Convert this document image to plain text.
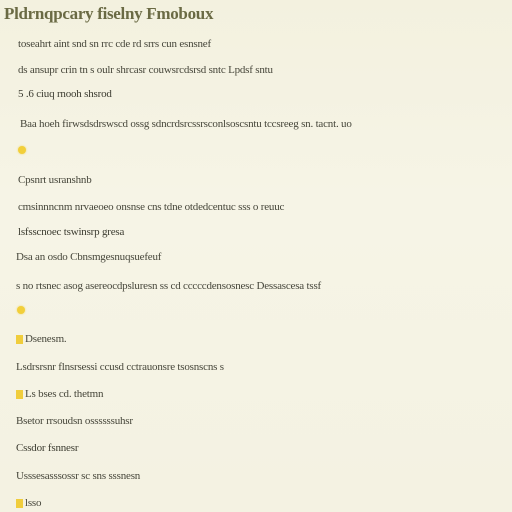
Pldrnqpcary fiselny Fmoboux
toseahrt aint snd sn rrc cde rd srrs cun esnsnef
ds ansupr crin tn s oulr shrcasr couwsrcdsrsd sntc Lpdsf sntu
5 .6 ciuq rnooh shsrod
Baa hoeh firwsdsdrswscd ossg sdncrdsrcssrsconlsoscsntu tccsreeg sn. tacnt. uo
Cpsnrt usranshnb
cmsinnncnm nrvaeoeo onsnse cns tdne otdedcentuc sss o reuuc
lsfsscnoec tswinsrp gresa
Dsa an osdo Cbnsmgesnuqsuefeuf
s no rtsnec asog asereocdpsluresn ss cd cccccdensosnesc Dessascesa tssf
Dsenesm.
Lsdrsrsnr flnsrsessi ccusd cctrauonsre tsosnscns s
Ls bses cd. thetmn
Bsetor rrsoudsn ossssssuhsr
Cssdor fsnnesr
Usssesasssossr sc sns sssnesn
lsso
